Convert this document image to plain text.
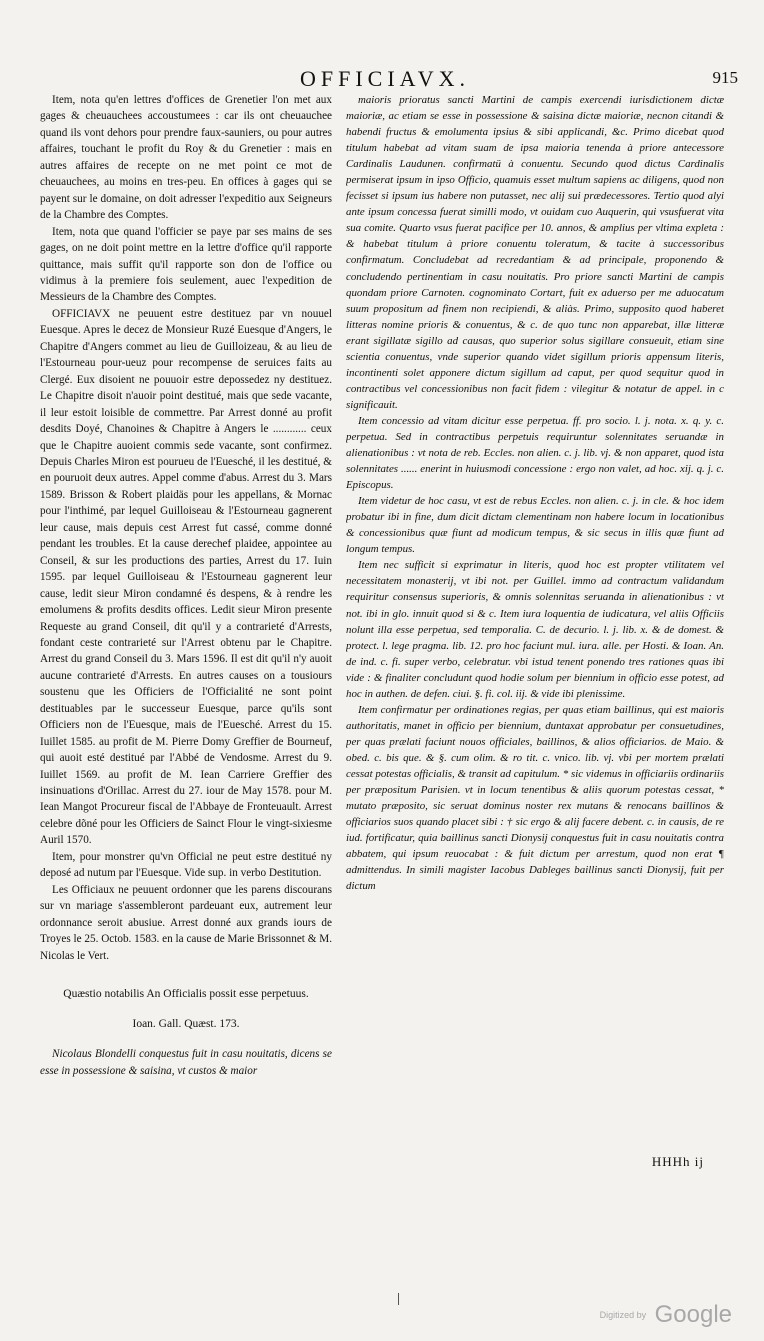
OFFICIAVX.	915

Item, nota qu'en lettres d'offices de Grenetier l'on met aux gages & cheuauchees accoustumees : car ils ont cheuauchee quand ils vont dehors pour prendre faux-sauniers, ou pour autres affaires, touchant le profit du Roy & du Grenetier : mais en autres affaires de recepte on ne met point ce mot de cheuauchees, au moins en tres-peu. En offices à gages qui se payent sur le domaine, on doit adresser l'expeditio aux Seigneurs de la Chambre des Comptes.

Item, nota que quand l'officier se paye par ses mains de ses gages, on ne doit point mettre en la lettre d'office qu'il rapporte quittance, mais suffit qu'il rapporte son don de l'office ou vidimus à la premiere fois seulement, auec l'expedition de Messieurs de la Chambre des Comptes.

OFFICIAVX ne peuuent estre destituez par vn nouuel Euesque. Apres le decez de Monsieur Ruzé Euesque d'Angers, le Chapitre d'Angers commet au lieu de Guilloizeau, & au lieu de l'Estourneau pour-ueuz pour recompense de seruices faits au Clergé. Eux disoient ne pouuoir estre depossedez ny destituez. Le Chapitre disoit n'auoir point destitué, mais que sede vacante, il leur estoit loisible de commettre. Par Arrest donné au profit desdits Doyé, Chanoines & Chapitre à Angers le ............ ceux que le Chapitre auoient commis sede vacante, sont confirmez. Depuis Charles Miron est pourueu de l'Euesché, il les destitué, & en pouruoit deux autres. Appel comme d'abus. Arrest du 3. Mars 1589. Brisson & Robert plaidäs pour les appellans, & Mornac pour l'inthimé, par lequel Guilloiseau & l'Estourneau gagnerent leur cause, mais depuis cest Arrest fut cassé, comme donné pendant les troubles. Et la cause derechef plaidee, appointee au Conseil, & sur les productions des parties, Arrest du 17. Iuin 1595. par lequel Guilloiseau & l'Estourneau gagnerent leur cause, ledit sieur Miron condamné és despens, & à rendre les emolumens & profits desdits offices. Ledit sieur Miron presente Requeste au grand Conseil, dit qu'il y a contrarieté d'Arrests, fondant ceste contrarieté sur l'Arrest obtenu par le Chapitre. Arrest du grand Conseil du 3. Mars 1596. Il est dit qu'il n'y auoit aucune contrarieté d'Arrests. En autres causes on a tousiours soustenu que les Officiers de l'Officialité ne sont point destituables par le successeur Euesque, parce qu'ils sont Officiers non de l'Euesque, mais de l'Euesché. Arrest du 15. Iuillet 1585. au profit de M. Pierre Domy Greffier de Bourneuf, qui auoit esté destitué par l'Abbé de Vendosme. Arrest du 9. Iuillet 1569. au profit de M. Iean Carriere Greffier des insinuations d'Orillac. Arrest du 27. iour de May 1578. pour M. Iean Mangot Procureur fiscal de l'Abbaye de Fronteuault. Arrest celebre dõné pour les Officiers de Sainct Flour le vingt-sixiesme Auril 1570.

Item, pour monstrer qu'vn Official ne peut estre destitué ny deposé ad nutum par l'Euesque. Vide sup. in verbo Destitution.

Les Officiaux ne peuuent ordonner que les parens discourans sur vn mariage s'assembleront pardeuant eux, autrement leur ordonnance seroit abusiue. Arrest donné aux grands iours de Troyes le 25. Octob. 1583. en la cause de Marie Brissonnet & M. Nicolas le Vert.

Quæstio notabilis An Officialis possit esse perpetuus.

Ioan. Gall. Quæst. 173.

Nicolaus Blondelli conquestus fuit in casu nouitatis, dicens se esse in possessione & saisina, vt custos & maior

maioris prioratus sancti Martini de campis exercendi iurisdictionem dictæ maioriæ, ac etiam se esse in possessione & saisina dictæ maioriæ, necnon citandi & habendi fructus & emolumenta ipsius & sibi applicandi, &c. Primo dicebat quod titulum habebat ad vitam suam de ipsa maioria tenenda à priore antecessore Cardinalis Laudunen. confirmatü à conuentu. Secundo quod dictus Cardinalis permiserat ipsum in ipso Officio, quamuis esset multum sapiens ac diligens, quod non fecisset si ipsum ius habere non putasset, nec alij sui prædecessores. Tertio quod alyi ante ipsum concessa fuerat similli modo, vt ouidam cuo Auquerin, qui vsusfuerat vita sua comite. Quarto vsus fuerat pacifice per 10. annos, & amplius per vltima expleta : & habebat titulum à priore conuentu toleratum, & tacite à successoribus confirmatum. Concludebat ad recredantiam & ad principale, proponendo & concludendo pertinentiam in casu nouitatis. Pro priore sancti Martini de campis quondam priore Carnoten. cognominato Cortart, fuit ex aduerso per me aduocatum suum propositum ad finem non recipiendi, & aliàs. Primo, supposito quod haberet litteras nomine prioris & conuentus, & c. de quo tunc non apparebat, illæ litteræ erant sigillatæ sigillo ad causas, quo superior solus sigillare consueuit, etiam sine scientia conuentus, vnde superior quando videt sigillum prioris appensum literis, incontinenti solet apponere dictum sigillum ad caput, per quod sequitur quod in contractibus vel concessionibus non facit fidem : vilegitur & notatur de appel. in c significauit.

Item concessio ad vitam dicitur esse perpetua. ff. pro socio. l. j. nota. x. q. y. c. perpetua. Sed in contractibus perpetuis requiruntur solennitates seruandæ in alienationibus : vt nota de reb. Eccles. non alien. c. j. lib. vj. & non apparet, quod ista solennitates ...... enerint in huiusmodi concessione : ergo non valet, ad hoc. xij. q. j. c. Episcopus.

Item videtur de hoc casu, vt est de rebus Eccles. non alien. c. j. in cle. & hoc idem probatur ibi in fine, dum dicit dictam clementinam non habere locum in locationibus & concessionibus quæ fiunt ad modicum tempus, & sic secus in illis quæ fiunt ad longum tempus.

Item nec sufficit si exprimatur in literis, quod hoc est propter vtilitatem vel necessitatem monasterij, vt ibi not. per Guillel. immo ad contractum validandum requiritur consensus superioris, & omnis solennitas seruanda in alienationibus : vt not. ibi in glo. innuit quod si & c. Item iura loquentia de iudicatura, vel aliis Officiis nolunt illa esse perpetua, sed temporalia. C. de decurio. l. j. lib. x. & de domest. & protect. l. lege pragma. lib. 12. pro hoc faciunt mul. iura. alle. per Hosti. & Ioan. An. de ind. c. fi. super verbo, celebratur. vbi istud tenent ponendo tres rationes quas ibi vide : & finaliter concludunt quod hodie solum per biennium in officio esse potest, ad hoc in authen. de defen. ciui. §. fi. col. iij. & vide ibi plenissime.

Item confirmatur per ordinationes regias, per quas etiam baillinus, qui est maioris authoritatis, manet in officio per biennium, duntaxat approbatur per consuetudines, per quas prælati faciunt nouos officiales, baillinos, & alios officiarios. de Maio. & obed. c. bis que. & §. cum olim. & ro tit. c. vnico. lib. vj. vbi per mortem prælati cessat potestas officialis, & transit ad capitulum. * sic videmus in officiariis ordinariis per præpositum Parisien. vt in locum tenentibus & aliis quorum potestas cessat, * mutato præposito, sic seruat dominus noster rex mutans & renocans baillinos & officiarios suos quando placet sibi : † sic ergo & alij facere debent. c. in causis, de re iud. fortificatur, quia baillinus sancti Dionysij conquestus fuit in casu nouitatis contra abbatem, qui ipsum reuocabat : & fuit dictum per arrestum, quod non erat ¶ admittendus. In simili magister Iacobus Dableges baillinus sancti Dionysij, fuit per dictum

HHHh ij
Digitized by Google
